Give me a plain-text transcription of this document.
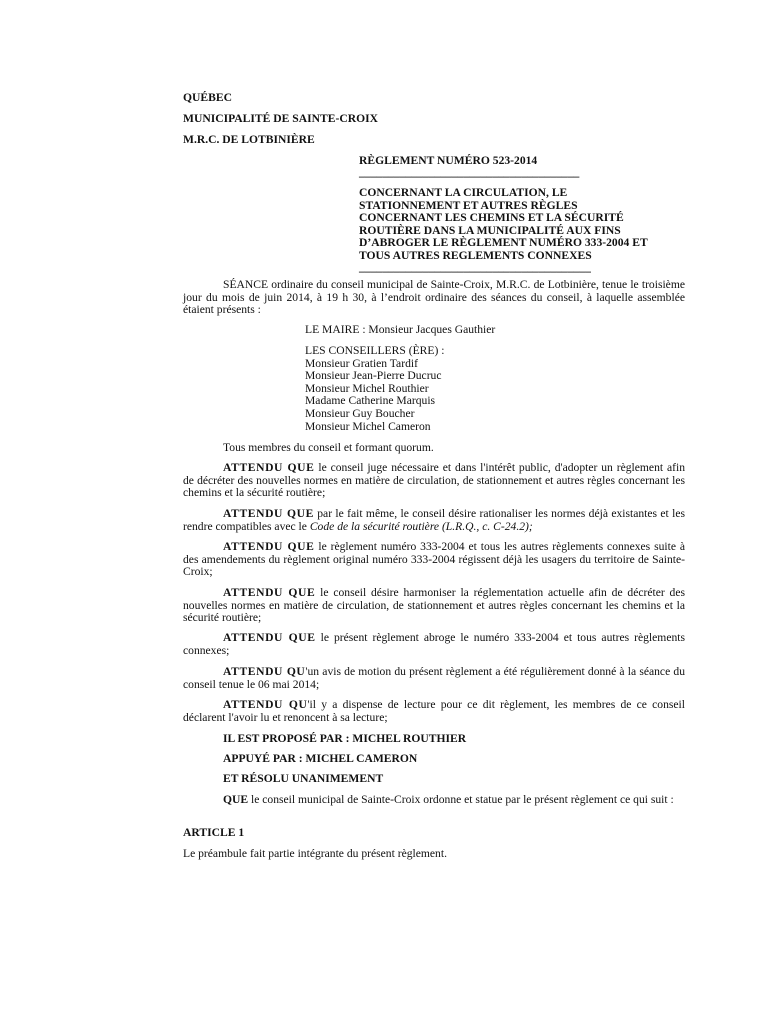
QUÉBEC
MUNICIPALITÉ DE SAINTE-CROIX
M.R.C. DE LOTBINIÈRE
RÈGLEMENT NUMÉRO 523-2014
______________________________________
CONCERNANT LA CIRCULATION, LE
STATIONNEMENT ET AUTRES RÈGLES
CONCERNANT LES CHEMINS ET LA SÉCURITÉ
ROUTIÈRE DANS LA MUNICIPALITÉ AUX FINS
D’ABROGER LE RÈGLEMENT NUMÉRO 333-2004 ET
TOUS AUTRES REGLEMENTS CONNEXES
________________________________________
SÉANCE ordinaire du conseil municipal de Sainte-Croix, M.R.C. de Lotbinière, tenue le troisième jour du mois de juin 2014, à 19 h 30, à l’endroit ordinaire des séances du conseil, à laquelle assemblée étaient présents :
LE MAIRE : Monsieur Jacques Gauthier
LES CONSEILLERS (ÈRE) :
Monsieur Gratien Tardif
Monsieur Jean-Pierre Ducruc
Monsieur Michel Routhier
Madame Catherine Marquis
Monsieur Guy Boucher
Monsieur Michel Cameron
Tous membres du conseil et formant quorum.
ATTENDU QUE le conseil juge nécessaire et dans l'intérêt public, d'adopter un règlement afin de décréter des nouvelles normes en matière de circulation, de stationnement et autres règles concernant les chemins et la sécurité routière;
ATTENDU QUE par le fait même, le conseil désire rationaliser les normes déjà existantes et les rendre compatibles avec le Code de la sécurité routière (L.R.Q., c. C-24.2);
ATTENDU QUE le règlement numéro 333-2004 et tous les autres règlements connexes suite à des amendements du règlement original numéro 333-2004 régissent déjà les usagers du territoire de Sainte-Croix;
ATTENDU QUE le conseil désire harmoniser la réglementation actuelle afin de décréter des nouvelles normes en matière de circulation, de stationnement et autres règles concernant les chemins et la sécurité routière;
ATTENDU QUE le présent règlement abroge le numéro 333-2004 et tous autres règlements connexes;
ATTENDU QU'un avis de motion du présent règlement a été régulièrement donné à la séance du conseil tenue le 06 mai 2014;
ATTENDU QU'il y a dispense de lecture pour ce dit règlement, les membres de ce conseil déclarent l'avoir lu et renoncent à sa lecture;
IL EST PROPOSÉ PAR : MICHEL ROUTHIER
APPUYÉ PAR : MICHEL CAMERON
ET RÉSOLU UNANIMEMENT
QUE le conseil municipal de Sainte-Croix ordonne et statue par le présent règlement ce qui suit :
ARTICLE 1
Le préambule fait partie intégrante du présent règlement.
